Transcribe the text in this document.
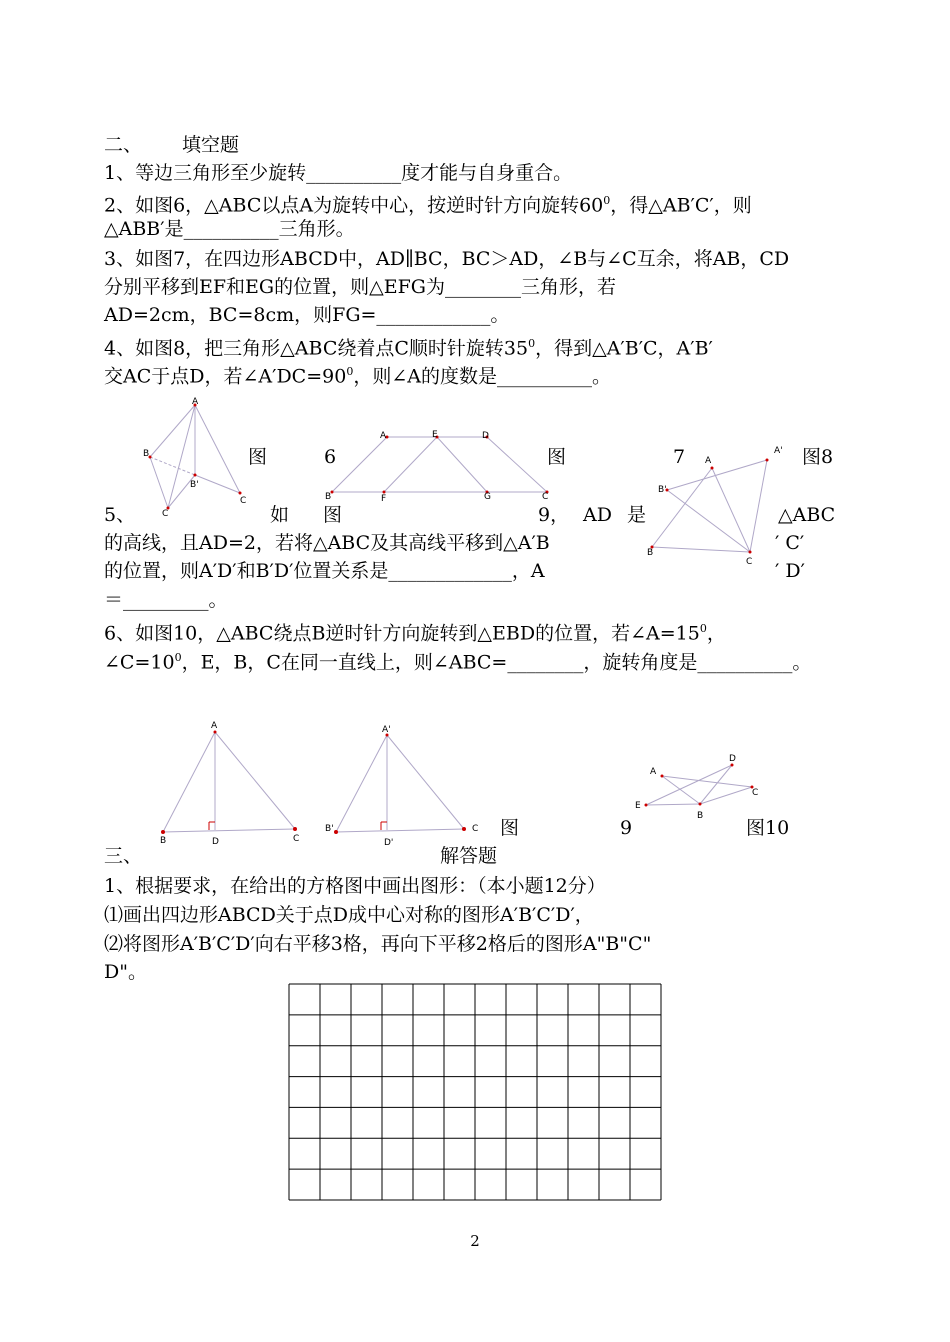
二、 填空题
1、等边三角形至少旋转__________度才能与自身重合。
2、如图6，△ABC以点A为旋转中心，按逆时针方向旋转$60^0$，得△AB′C′，则
△ABB′是__________三角形。
3、如图7，在四边形ABCD中，AD∥BC，BC＞AD，∠B与∠C互余，将AB，CD
分别平移到EF和EG的位置，则△EFG为________三角形，若
AD=2cm，BC=8cm，则FG=____________。
4、如图8，把三角形△ABC绕着点C顺时针旋转$35^0$，得到△A′B′C，A′B′
交AC于点D，若$\angle A'DC=90^0$，则∠A的度数是__________。
A
B
B'
C
C
A	E	D
B	F	G	C
A'
A
B'
B
C
图	6	图	7	图8
5、	如 图	9， AD 是	△ABC
的高线，且AD=2，若将△ABC及其高线平移到△A′B	′ C′
的位置，则A′D′和B′D′位置关系是_____________，A	′ D′
＝_________。
6、如图10，△ABC绕点B逆时针方向旋转到△EBD的位置，若$\angle A=15^0$，
$\angle C=10^0$，E，B，C在同一直线上，则∠ABC=________，旋转角度是__________。
A
B	D	C
A'
B'
D'
C
D
A
C
E
B
图	9	图10
三、	解答题
1、根据要求，在给出的方格图中画出图形：（本小题12分）
⑴画出四边形ABCD关于点D成中心对称的图形A′B′C′D′，
⑵将图形A′B′C′D′向右平移3格，再向下平移2格后的图形A"B"C"
D"。
2
